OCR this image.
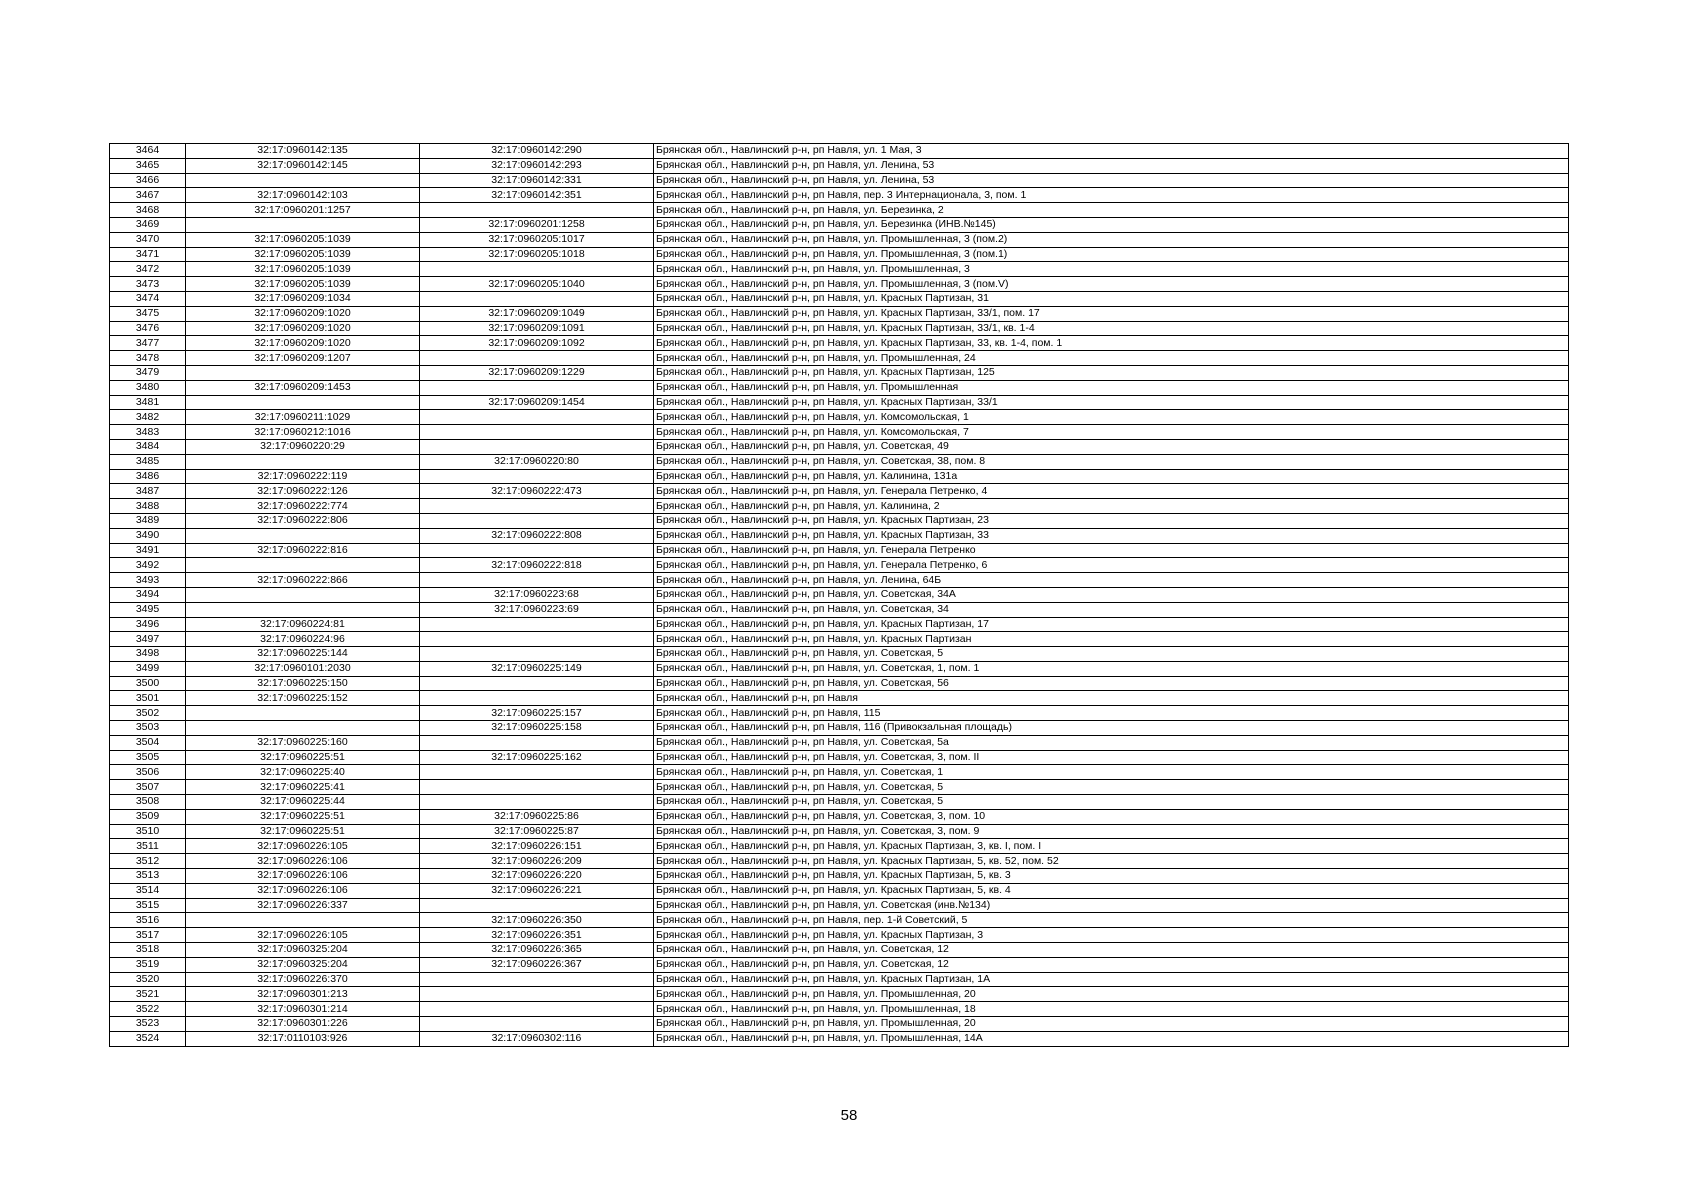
3464	32:17:0960142:135	32:17:0960142:290	Брянская обл., Навлинский р-н, рп Навля, ул. 1 Мая, 3
3465	32:17:0960142:145	32:17:0960142:293	Брянская обл., Навлинский р-н, рп Навля, ул. Ленина, 53
3466		32:17:0960142:331	Брянская обл., Навлинский р-н, рп Навля, ул. Ленина, 53
3467	32:17:0960142:103	32:17:0960142:351	Брянская обл., Навлинский р-н, рп Навля, пер. 3 Интернационала, 3, пом. 1
3468	32:17:0960201:1257		Брянская обл., Навлинский р-н, рп Навля, ул. Березинка, 2
3469		32:17:0960201:1258	Брянская обл., Навлинский р-н, рп Навля, ул. Березинка (ИНВ.№145)
3470	32:17:0960205:1039	32:17:0960205:1017	Брянская обл., Навлинский р-н, рп Навля, ул. Промышленная, 3 (пом.2)
3471	32:17:0960205:1039	32:17:0960205:1018	Брянская обл., Навлинский р-н, рп Навля, ул. Промышленная, 3 (пом.1)
3472	32:17:0960205:1039		Брянская обл., Навлинский р-н, рп Навля, ул. Промышленная, 3
3473	32:17:0960205:1039	32:17:0960205:1040	Брянская обл., Навлинский р-н, рп Навля, ул. Промышленная, 3 (пом.V)
3474	32:17:0960209:1034		Брянская обл., Навлинский р-н, рп Навля, ул. Красных Партизан, 31
3475	32:17:0960209:1020	32:17:0960209:1049	Брянская обл., Навлинский р-н, рп Навля, ул. Красных Партизан, 33/1, пом. 17
3476	32:17:0960209:1020	32:17:0960209:1091	Брянская обл., Навлинский р-н, рп Навля, ул. Красных Партизан, 33/1, кв. 1-4
3477	32:17:0960209:1020	32:17:0960209:1092	Брянская обл., Навлинский р-н, рп Навля, ул. Красных Партизан, 33, кв. 1-4, пом. 1
3478	32:17:0960209:1207		Брянская обл., Навлинский р-н, рп Навля, ул. Промышленная, 24
3479		32:17:0960209:1229	Брянская обл., Навлинский р-н, рп Навля, ул. Красных Партизан, 125
3480	32:17:0960209:1453		Брянская обл., Навлинский р-н, рп Навля, ул. Промышленная
3481		32:17:0960209:1454	Брянская обл., Навлинский р-н, рп Навля, ул. Красных Партизан, 33/1
3482	32:17:0960211:1029		Брянская обл., Навлинский р-н, рп Навля, ул. Комсомольская, 1
3483	32:17:0960212:1016		Брянская обл., Навлинский р-н, рп Навля, ул. Комсомольская, 7
3484	32:17:0960220:29		Брянская обл., Навлинский р-н, рп Навля, ул. Советская, 49
3485		32:17:0960220:80	Брянская обл., Навлинский р-н, рп Навля, ул. Советская, 38, пом. 8
3486	32:17:0960222:119		Брянская обл., Навлинский р-н, рп Навля, ул. Калинина, 131а
3487	32:17:0960222:126	32:17:0960222:473	Брянская обл., Навлинский р-н, рп Навля, ул. Генерала Петренко, 4
3488	32:17:0960222:774		Брянская обл., Навлинский р-н, рп Навля, ул. Калинина, 2
3489	32:17:0960222:806		Брянская обл., Навлинский р-н, рп Навля, ул. Красных Партизан, 23
3490		32:17:0960222:808	Брянская обл., Навлинский р-н, рп Навля, ул. Красных Партизан, 33
3491	32:17:0960222:816		Брянская обл., Навлинский р-н, рп Навля, ул. Генерала Петренко
3492		32:17:0960222:818	Брянская обл., Навлинский р-н, рп Навля, ул. Генерала Петренко, 6
3493	32:17:0960222:866		Брянская обл., Навлинский р-н, рп Навля, ул. Ленина, 64Б
3494		32:17:0960223:68	Брянская обл., Навлинский р-н, рп Навля, ул. Советская, 34А
3495		32:17:0960223:69	Брянская обл., Навлинский р-н, рп Навля, ул. Советская, 34
3496	32:17:0960224:81		Брянская обл., Навлинский р-н, рп Навля, ул. Красных Партизан, 17
3497	32:17:0960224:96		Брянская обл., Навлинский р-н, рп Навля, ул. Красных Партизан
3498	32:17:0960225:144		Брянская обл., Навлинский р-н, рп Навля, ул. Советская, 5
3499	32:17:0960101:2030	32:17:0960225:149	Брянская обл., Навлинский р-н, рп Навля, ул. Советская, 1, пом. 1
3500	32:17:0960225:150		Брянская обл., Навлинский р-н, рп Навля, ул. Советская, 56
3501	32:17:0960225:152		Брянская обл., Навлинский р-н, рп Навля
3502		32:17:0960225:157	Брянская обл., Навлинский р-н, рп Навля, 115
3503		32:17:0960225:158	Брянская обл., Навлинский р-н, рп Навля, 116 (Привокзальная площадь)
3504	32:17:0960225:160		Брянская обл., Навлинский р-н, рп Навля, ул. Советская, 5а
3505	32:17:0960225:51	32:17:0960225:162	Брянская обл., Навлинский р-н, рп Навля, ул. Советская, 3, пом. II
3506	32:17:0960225:40		Брянская обл., Навлинский р-н, рп Навля, ул. Советская, 1
3507	32:17:0960225:41		Брянская обл., Навлинский р-н, рп Навля, ул. Советская, 5
3508	32:17:0960225:44		Брянская обл., Навлинский р-н, рп Навля, ул. Советская, 5
3509	32:17:0960225:51	32:17:0960225:86	Брянская обл., Навлинский р-н, рп Навля, ул. Советская, 3, пом. 10
3510	32:17:0960225:51	32:17:0960225:87	Брянская обл., Навлинский р-н, рп Навля, ул. Советская, 3, пом. 9
3511	32:17:0960226:105	32:17:0960226:151	Брянская обл., Навлинский р-н, рп Навля, ул. Красных Партизан, 3, кв. I, пом. I
3512	32:17:0960226:106	32:17:0960226:209	Брянская обл., Навлинский р-н, рп Навля, ул. Красных Партизан, 5, кв. 52, пом. 52
3513	32:17:0960226:106	32:17:0960226:220	Брянская обл., Навлинский р-н, рп Навля, ул. Красных Партизан, 5, кв. 3
3514	32:17:0960226:106	32:17:0960226:221	Брянская обл., Навлинский р-н, рп Навля, ул. Красных Партизан, 5, кв. 4
3515	32:17:0960226:337		Брянская обл., Навлинский р-н, рп Навля, ул. Советская (инв.№134)
3516		32:17:0960226:350	Брянская обл., Навлинский р-н, рп Навля, пер. 1-й Советский, 5
3517	32:17:0960226:105	32:17:0960226:351	Брянская обл., Навлинский р-н, рп Навля, ул. Красных Партизан, 3
3518	32:17:0960325:204	32:17:0960226:365	Брянская обл., Навлинский р-н, рп Навля, ул. Советская, 12
3519	32:17:0960325:204	32:17:0960226:367	Брянская обл., Навлинский р-н, рп Навля, ул. Советская, 12
3520	32:17:0960226:370		Брянская обл., Навлинский р-н, рп Навля, ул. Красных Партизан, 1А
3521	32:17:0960301:213		Брянская обл., Навлинский р-н, рп Навля, ул. Промышленная, 20
3522	32:17:0960301:214		Брянская обл., Навлинский р-н, рп Навля, ул. Промышленная, 18
3523	32:17:0960301:226		Брянская обл., Навлинский р-н, рп Навля, ул. Промышленная, 20
3524	32:17:0110103:926	32:17:0960302:116	Брянская обл., Навлинский р-н, рп Навля, ул. Промышленная, 14А
58
